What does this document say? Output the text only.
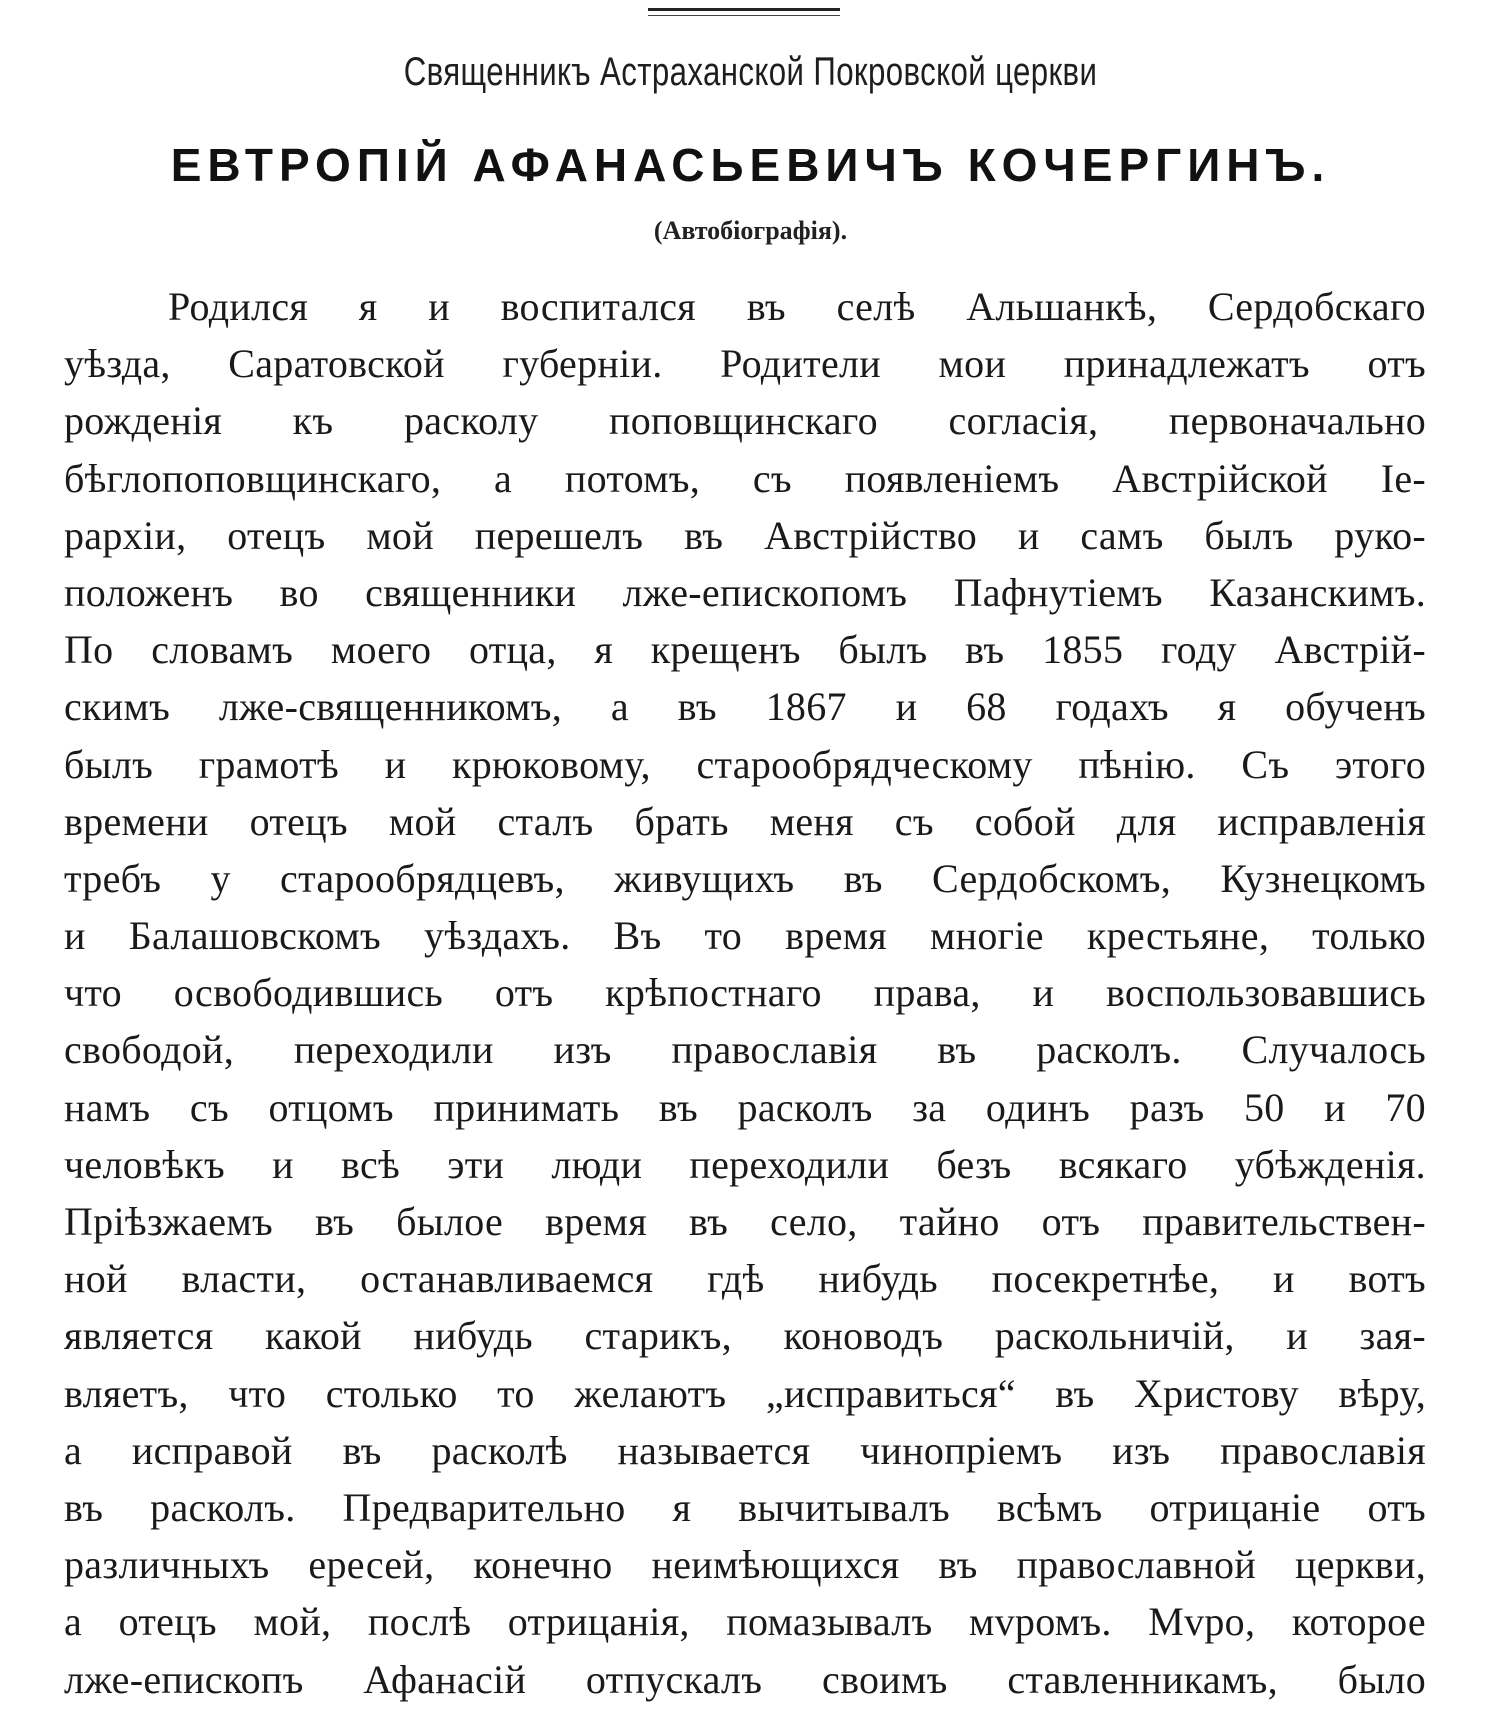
Священникъ Астраханской Покровской церкви
ЕВТРОПІЙ АФАНАСЬЕВИЧЪ КОЧЕРГИНЪ.
(Автобіографія).
Родился я и воспитался въ селѣ Альшанкѣ, Сердобскаго
уѣзда, Саратовской губерніи. Родители мои принадлежатъ отъ
рожденія къ расколу поповщинскаго согласія, первоначально
бѣглопоповщинскаго, а потомъ, съ появленіемъ Австрійской Іе-
рархіи, отецъ мой перешелъ въ Австрійство и самъ былъ руко-
положенъ во священники лже-епископомъ Пафнутіемъ Казанскимъ.
По словамъ моего отца, я крещенъ былъ въ 1855 году Австрій-
скимъ лже-священникомъ, а въ 1867 и 68 годахъ я обученъ
былъ грамотѣ и крюковому, старообрядческому пѣнію. Съ этого
времени отецъ мой сталъ брать меня съ собой для исправленія
требъ у старообрядцевъ, живущихъ въ Сердобскомъ, Кузнецкомъ
и Балашовскомъ уѣздахъ. Въ то время многіе крестьяне, только
что освободившись отъ крѣпостнаго права, и воспользовавшись
свободой, переходили изъ православія въ расколъ. Случалось
намъ съ отцомъ принимать въ расколъ за одинъ разъ 50 и 70
человѣкъ и всѣ эти люди переходили безъ всякаго убѣжденія.
Пріѣзжаемъ въ былое время въ село, тайно отъ правительствен-
ной власти, останавливаемся гдѣ нибудь посекретнѣе, и вотъ
является какой нибудь старикъ, коноводъ раскольничій, и зая-
вляетъ, что столько то желаютъ „исправиться“ въ Христову вѣру,
а исправой въ расколѣ называется чинопріемъ изъ православія
въ расколъ. Предварительно я вычитывалъ всѣмъ отрицаніе отъ
различныхъ ересей, конечно неимѣющихся въ православной церкви,
а отецъ мой, послѣ отрицанія, помазывалъ мvромъ. Мvро, которое
лже-епископъ Афанасій отпускалъ своимъ ставленникамъ, было
